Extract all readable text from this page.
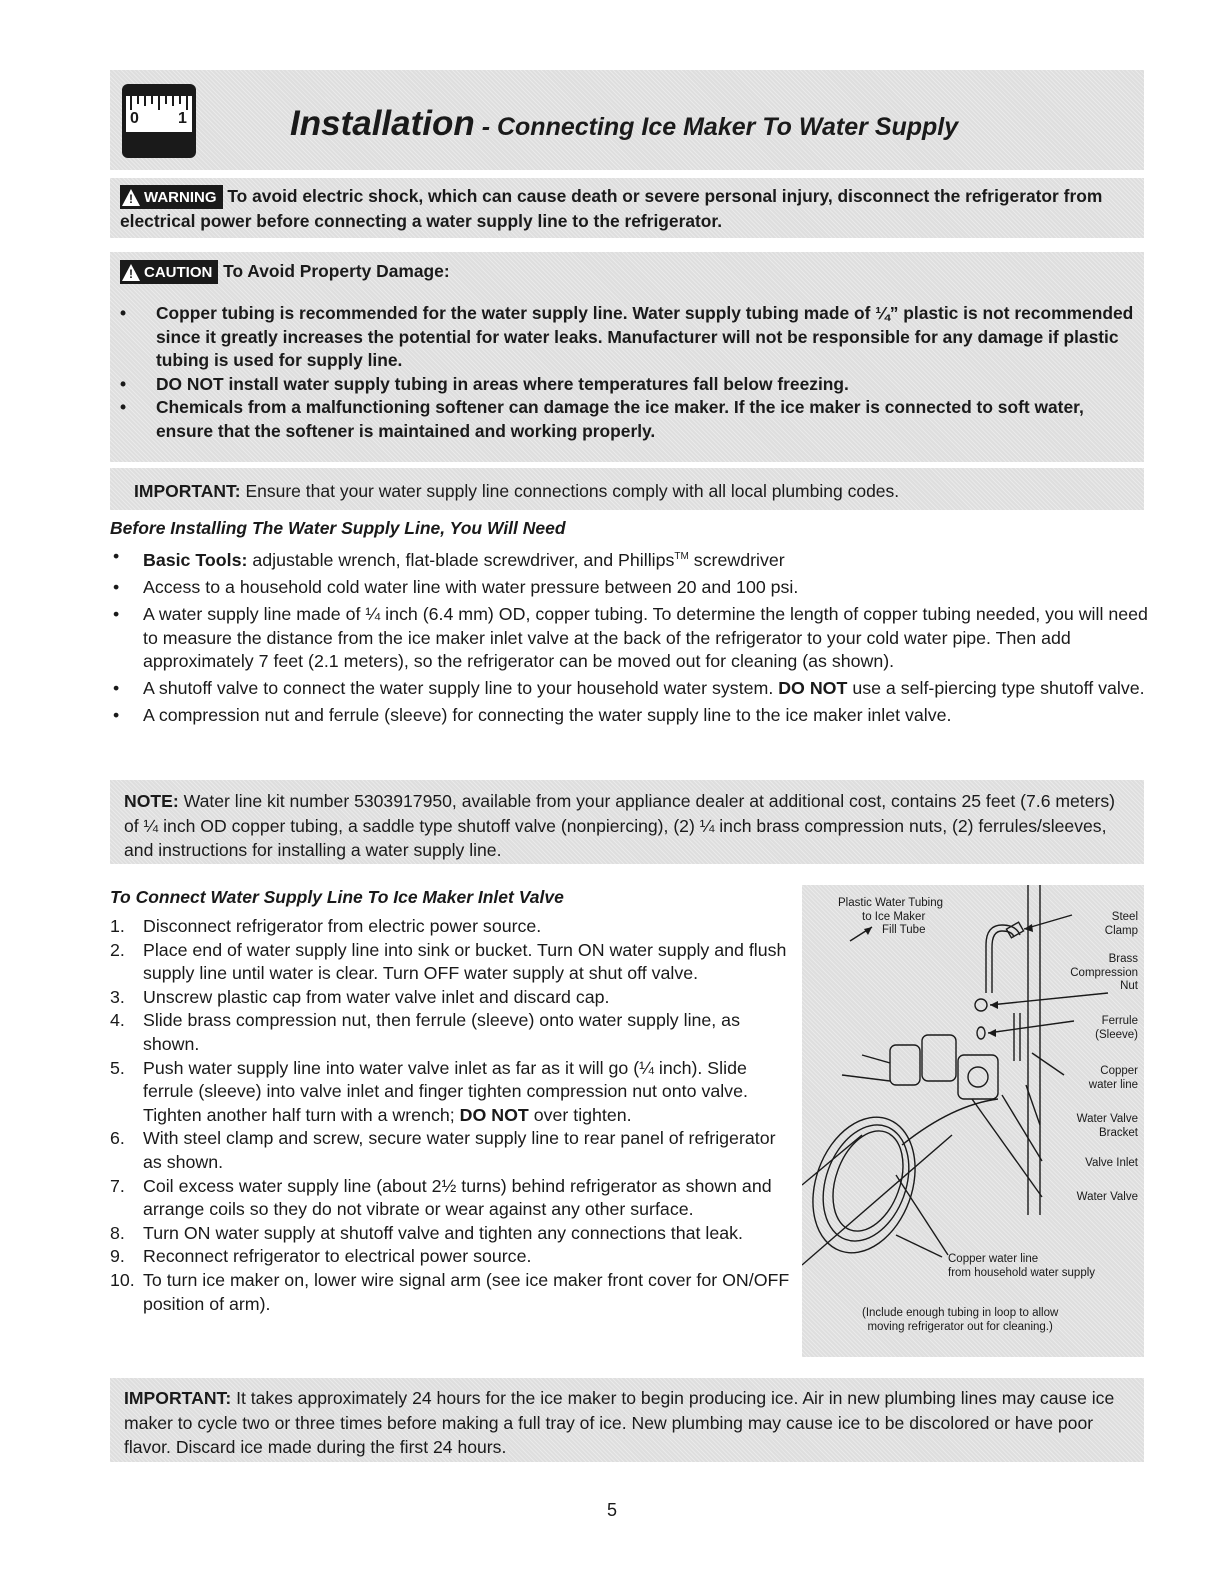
0 1	Installation - Connecting Ice Maker To Water Supply
!
WARNING To avoid electric shock, which can cause death or severe personal injury, disconnect the refrigerator from electrical power before connecting a water supply line to the refrigerator.
!
CAUTION To Avoid Property Damage:
• Copper tubing is recommended for the water supply line. Water supply tubing made of ¼” plastic is not recommended since it greatly increases the potential for water leaks. Manufacturer will not be responsible for any damage if plastic tubing is used for supply line.
• DO NOT install water supply tubing in areas where temperatures fall below freezing.
• Chemicals from a malfunctioning softener can damage the ice maker. If the ice maker is connected to soft water, ensure that the softener is maintained and working properly.
IMPORTANT: Ensure that your water supply line connections comply with all local plumbing codes.
Before Installing The Water Supply Line, You Will Need
• Basic Tools: adjustable wrench, flat-blade screwdriver, and Phillips™ screwdriver
• Access to a household cold water line with water pressure between 20 and 100 psi.
• A water supply line made of ¼ inch (6.4 mm) OD, copper tubing. To determine the length of copper tubing needed, you will need to measure the distance from the ice maker inlet valve at the back of the refrigerator to your cold water pipe. Then add approximately 7 feet (2.1 meters), so the refrigerator can be moved out for cleaning (as shown).
• A shutoff valve to connect the water supply line to your household water system. DO NOT use a self-piercing type shutoff valve.
• A compression nut and ferrule (sleeve) for connecting the water supply line to the ice maker inlet valve.
NOTE: Water line kit number 5303917950, available from your appliance dealer at additional cost, contains 25 feet (7.6 meters) of ¼ inch OD copper tubing, a saddle type shutoff valve (nonpiercing), (2) ¼ inch brass compression nuts, (2) ferrules/sleeves, and instructions for installing a water supply line.
To Connect Water Supply Line To Ice Maker Inlet Valve
1. Disconnect refrigerator from electric power source.
2. Place end of water supply line into sink or bucket. Turn ON water supply and flush supply line until water is clear. Turn OFF water supply at shut off valve.
3. Unscrew plastic cap from water valve inlet and discard cap.
4. Slide brass compression nut, then ferrule (sleeve) onto water supply line, as shown.
5. Push water supply line into water valve inlet as far as it will go (¼ inch). Slide ferrule (sleeve) into valve inlet and finger tighten compression nut onto valve. Tighten another half turn with a wrench; DO NOT over tighten.
6. With steel clamp and screw, secure water supply line to rear panel of refrigerator as shown.
7. Coil excess water supply line (about 2½ turns) behind refrigerator as shown and arrange coils so they do not vibrate or wear against any other surface.
8. Turn ON water supply at shutoff valve and tighten any connections that leak.
9. Reconnect refrigerator to electrical power source.
10. To turn ice maker on, lower wire signal arm (see ice maker front cover for ON/OFF position of arm).
Plastic Water Tubing
to Ice Maker
Fill Tube
Steel
Clamp
Brass
Compression
Nut
Ferrule
(Sleeve)
Copper
water line
Water Valve
Bracket
Valve Inlet
Water Valve
Copper water line
from household water supply
(Include enough tubing in loop to allow
moving refrigerator out for cleaning.)
IMPORTANT: It takes approximately 24 hours for the ice maker to begin producing ice. Air in new plumbing lines may cause ice maker to cycle two or three times before making a full tray of ice. New plumbing may cause ice to be discolored or have poor flavor. Discard ice made during the first 24 hours.
5
